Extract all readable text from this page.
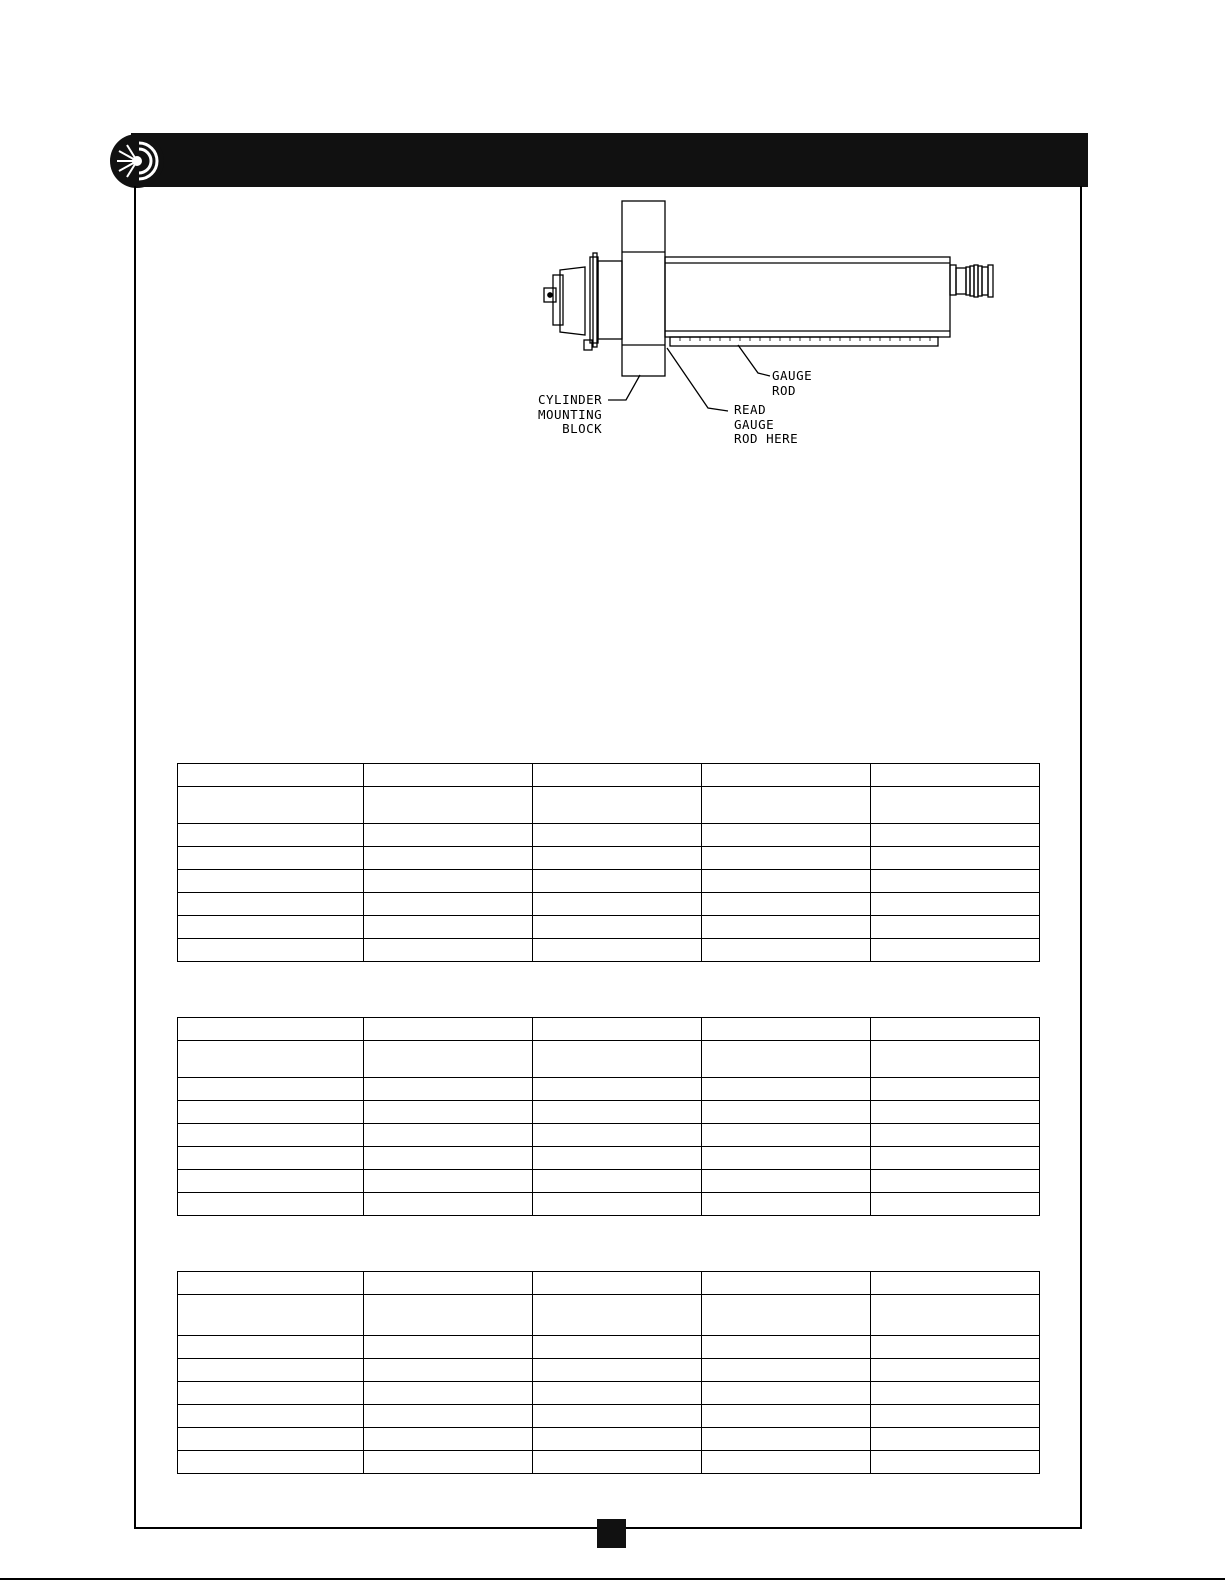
CYLINDER
MOUNTING
BLOCK
GAUGE
ROD
READ
GAUGE
ROD HERE
